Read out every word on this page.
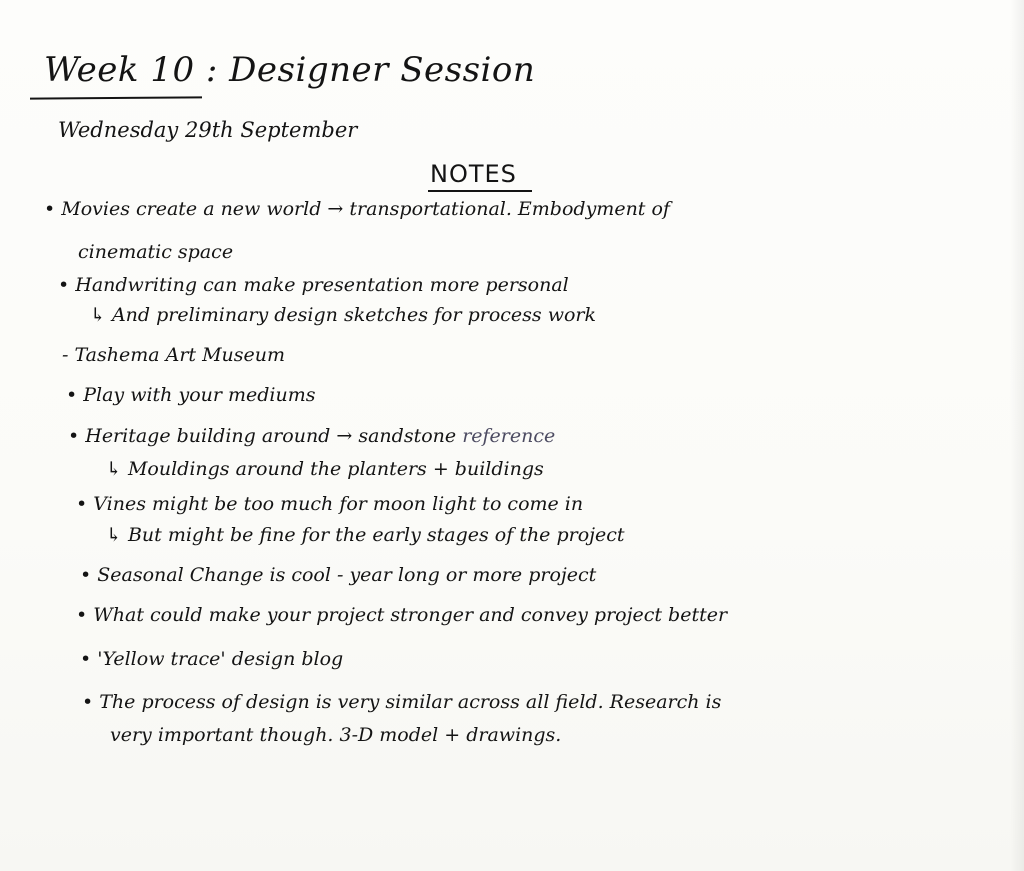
Week 10 : Designer Session
Wednesday 29th September
NOTES
• Movies create a new world → transportational. Embodyment of
cinematic space
• Handwriting can make presentation more personal
↳ And preliminary design sketches for process work
- Tashema Art Museum
• Play with your mediums
• Heritage building around → sandstone reference
↳ Mouldings around the planters + buildings
• Vines might be too much for moon light to come in
↳ But might be fine for the early stages of the project
• Seasonal Change is cool - year long or more project
• What could make your project stronger and convey project better
• 'Yellow trace' design blog
• The process of design is very similar across all field. Research is
very important though. 3-D model + drawings.
